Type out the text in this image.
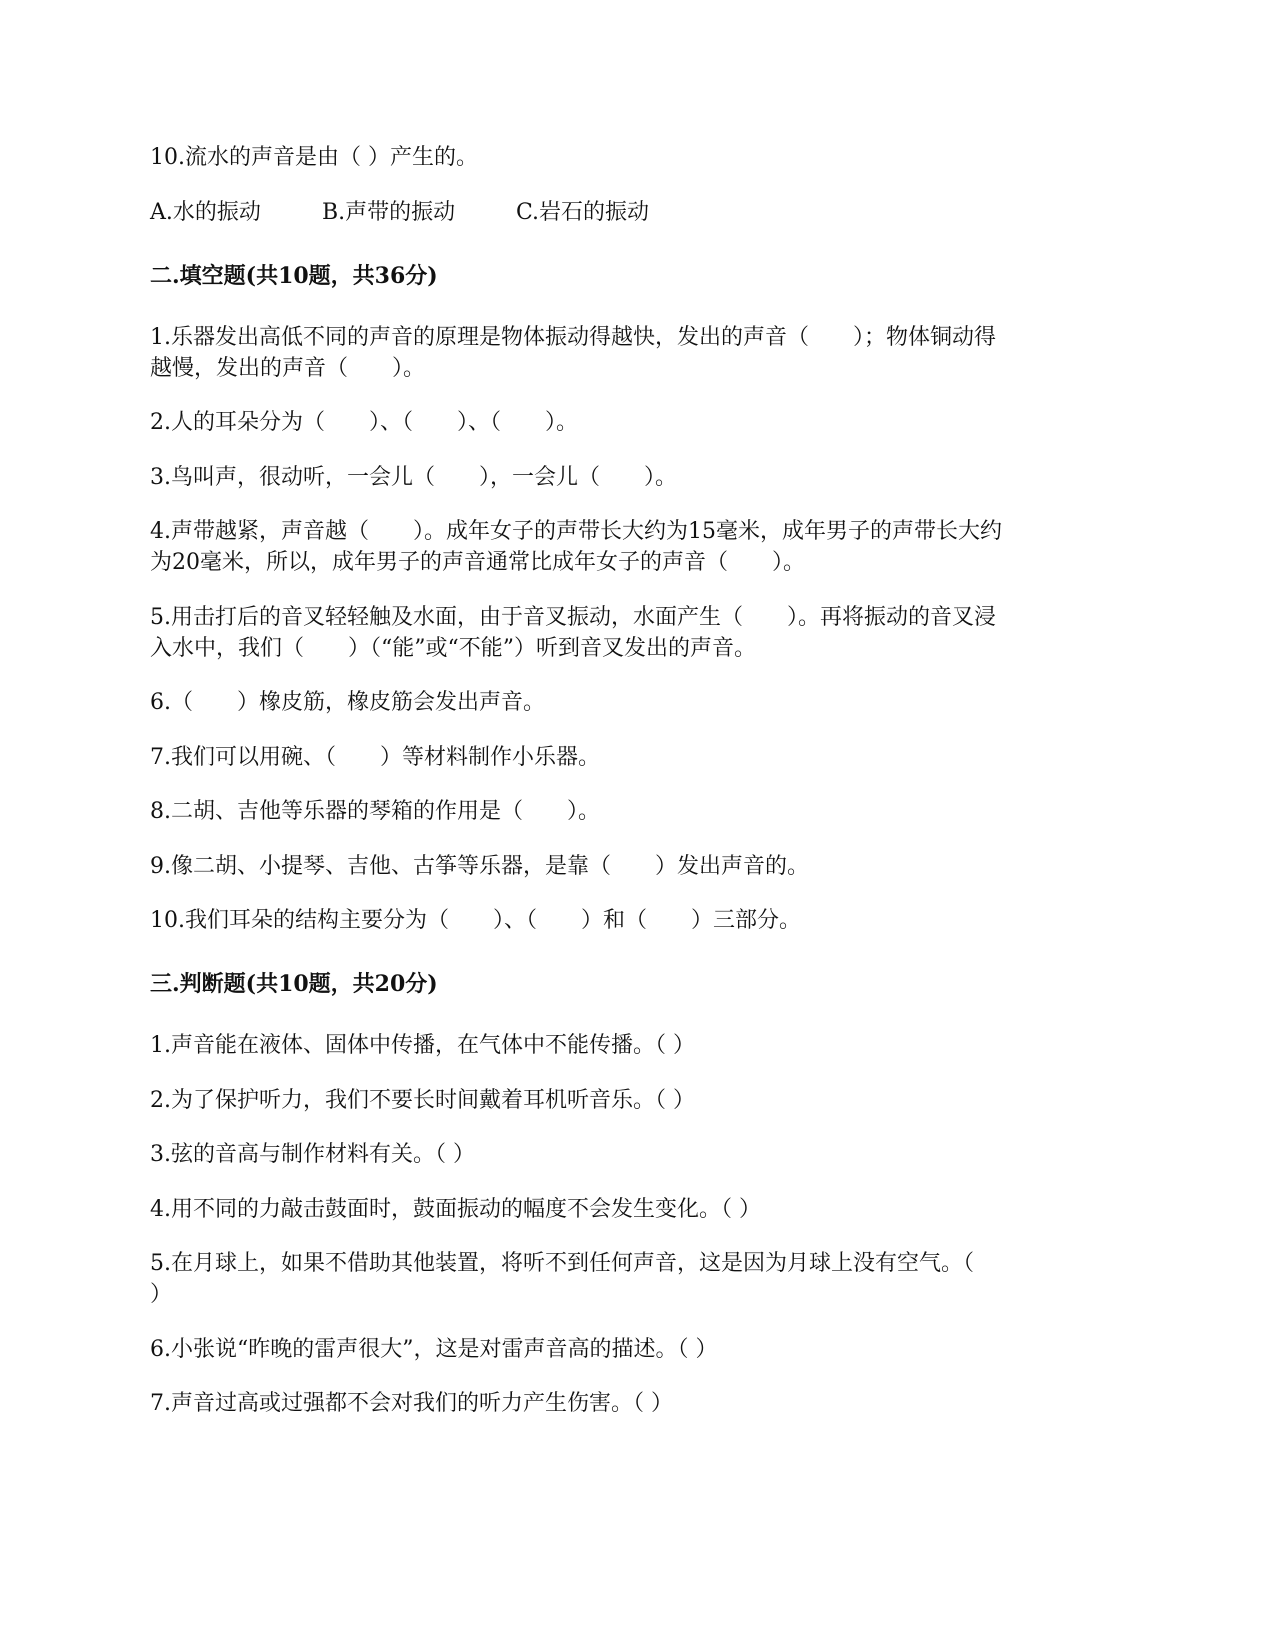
10.流水的声音是由（ ）产生的。
A.水的振动	B.声带的振动	C.岩石的振动
二.填空题(共10题，共36分)
1.乐器发出高低不同的声音的原理是物体振动得越快，发出的声音（　　）；物体铜动得
越慢，发出的声音（　　）。
2.人的耳朵分为（　　）、（　　）、（　　）。
3.鸟叫声，很动听，一会儿（　　），一会儿（　　）。
4.声带越紧，声音越（　　）。成年女子的声带长大约为15毫米，成年男子的声带长大约
为20毫米，所以，成年男子的声音通常比成年女子的声音（　　）。
5.用击打后的音叉轻轻触及水面，由于音叉振动，水面产生（　　）。再将振动的音叉浸
入水中，我们（　　）（“能”或“不能”）听到音叉发出的声音。
6.（　　）橡皮筋，橡皮筋会发出声音。
7.我们可以用碗、（　　）等材料制作小乐器。
8.二胡、吉他等乐器的琴箱的作用是（　　）。
9.像二胡、小提琴、吉他、古筝等乐器，是靠（　　）发出声音的。
10.我们耳朵的结构主要分为（　　）、（　　）和（　　）三部分。
三.判断题(共10题，共20分)
1.声音能在液体、固体中传播，在气体中不能传播。（ ）
2.为了保护听力，我们不要长时间戴着耳机听音乐。（ ）
3.弦的音高与制作材料有关。（ ）
4.用不同的力敲击鼓面时，鼓面振动的幅度不会发生变化。（ ）
5.在月球上，如果不借助其他装置，将听不到任何声音，这是因为月球上没有空气。（
）
6.小张说“昨晚的雷声很大”，这是对雷声音高的描述。（ ）
7.声音过高或过强都不会对我们的听力产生伤害。（ ）
